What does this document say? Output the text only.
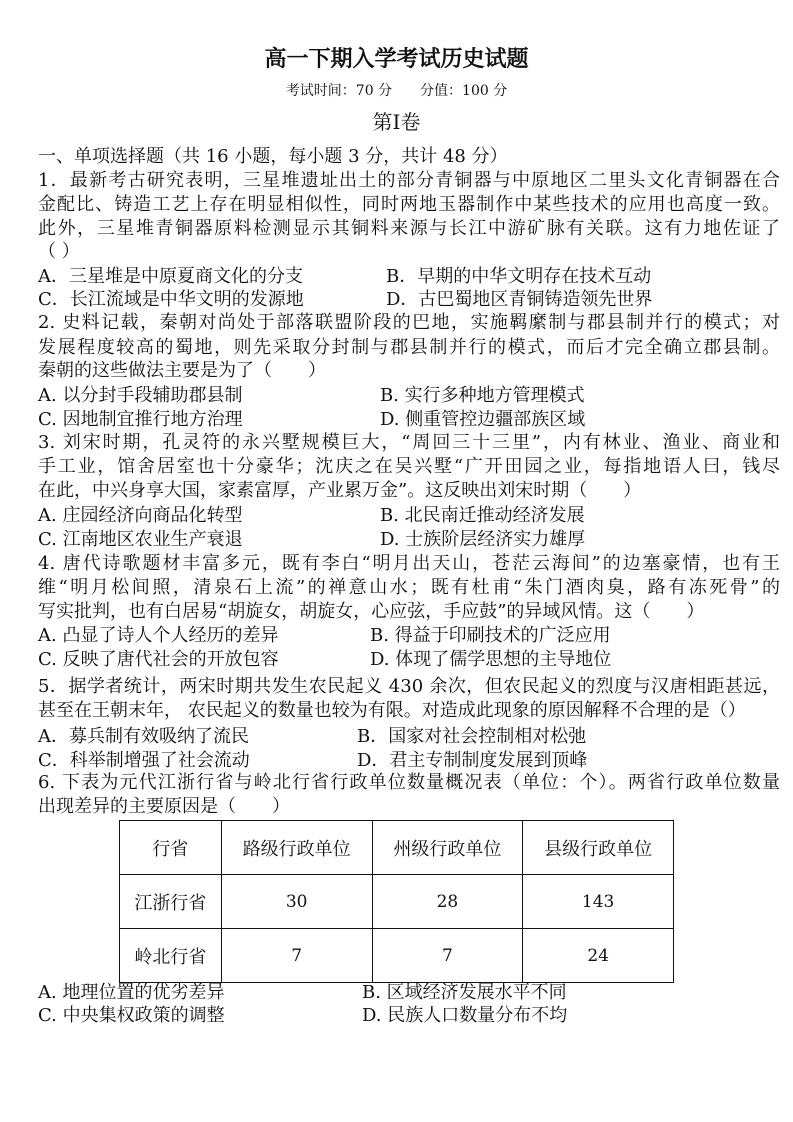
高一下期入学考试历史试题
考试时间：70 分　　分值：100 分
第Ⅰ卷
一、单项选择题（共 16 小题，每小题 3 分，共计 48 分）
1．最新考古研究表明，三星堆遗址出土的部分青铜器与中原地区二里头文化青铜器在合
金配比、铸造工艺上存在明显相似性，同时两地玉器制作中某些技术的应用也高度一致。
此外，三星堆青铜器原料检测显示其铜料来源与长江中游矿脉有关联。这有力地佐证了
（ ）
A．三星堆是中原夏商文化的分支	B．早期的中华文明存在技术互动
C．长江流域是中华文明的发源地	D．古巴蜀地区青铜铸造领先世界
2. 史料记载，秦朝对尚处于部落联盟阶段的巴地，实施羁縻制与郡县制并行的模式；对
发展程度较高的蜀地，则先采取分封制与郡县制并行的模式，而后才完全确立郡县制。
秦朝的这些做法主要是为了（　　）
A. 以分封手段辅助郡县制	B. 实行多种地方管理模式
C. 因地制宜推行地方治理	D. 侧重管控边疆部族区域
3. 刘宋时期，孔灵符的永兴墅规模巨大，“周回三十三里”，内有林业、渔业、商业和
手工业，馆舍居室也十分豪华；沈庆之在吴兴墅“广开田园之业，每指地语人曰，钱尽
在此，中兴身享大国，家素富厚，产业累万金”。这反映出刘宋时期（　　）
A. 庄园经济向商品化转型	B. 北民南迁推动经济发展
C. 江南地区农业生产衰退	D. 士族阶层经济实力雄厚
4. 唐代诗歌题材丰富多元，既有李白“明月出天山，苍茫云海间”的边塞豪情，也有王
维“明月松间照，清泉石上流”的禅意山水；既有杜甫“朱门酒肉臭，路有冻死骨”的
写实批判，也有白居易“胡旋女，胡旋女，心应弦，手应鼓”的异域风情。这（　　）
A. 凸显了诗人个人经历的差异	B. 得益于印刷技术的广泛应用
C. 反映了唐代社会的开放包容	D. 体现了儒学思想的主导地位
5．据学者统计，两宋时期共发生农民起义 430 余次，但农民起义的烈度与汉唐相距甚远，
甚至在王朝末年， 农民起义的数量也较为有限。对造成此现象的原因解释不合理的是（）
A．募兵制有效吸纳了流民	B．国家对社会控制相对松弛
C．科举制增强了社会流动	D．君主专制制度发展到顶峰
6. 下表为元代江浙行省与岭北行省行政单位数量概况表（单位：个）。两省行政单位数量
出现差异的主要原因是（　　）
A. 地理位置的优劣差异	B. 区域经济发展水平不同
C. 中央集权政策的调整	D. 民族人口数量分布不均
行省	路级行政单位	州级行政单位	县级行政单位
江浙行省	30	28	143
岭北行省	7	7	24
